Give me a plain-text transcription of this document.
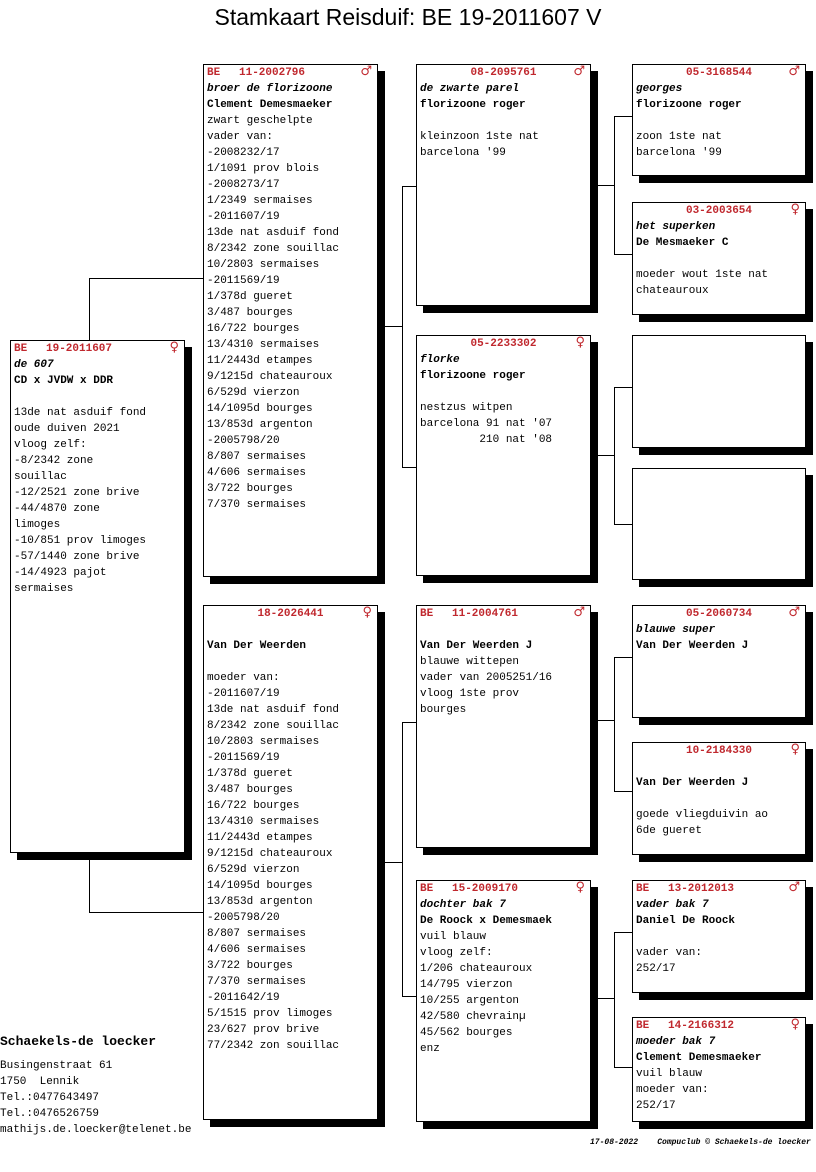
Stamkaart Reisduif: BE 19-2011607 V
BE	19-2011607	♀
de 607
CD x JVDW x DDR
13de nat asduif fond
oude duiven 2021
vloog zelf:
-8/2342 zone
souillac
-12/2521 zone brive
-44/4870 zone
limoges
-10/851 prov limoges
-57/1440 zone brive
-14/4923 pajot
sermaises
BE	11-2002796	♂
broer de florizoone
Clement Demesmaeker
zwart geschelpte
vader van:
-2008232/17
1/1091 prov blois
-2008273/17
1/2349 sermaises
-2011607/19
13de nat asduif fond
8/2342 zone souillac
10/2803 sermaises
-2011569/19
1/378d gueret
3/487 bourges
16/722 bourges
13/4310 sermaises
11/2443d etampes
9/1215d chateauroux
6/529d vierzon
14/1095d bourges
13/853d argenton
-2005798/20
8/807 sermaises
4/606 sermaises
3/722 bourges
7/370 sermaises
18-2026441	♀
Van Der Weerden
moeder van:
-2011607/19
13de nat asduif fond
8/2342 zone souillac
10/2803 sermaises
-2011569/19
1/378d gueret
3/487 bourges
16/722 bourges
13/4310 sermaises
11/2443d etampes
9/1215d chateauroux
6/529d vierzon
14/1095d bourges
13/853d argenton
-2005798/20
8/807 sermaises
4/606 sermaises
3/722 bourges
7/370 sermaises
-2011642/19
5/1515 prov limoges
23/627 prov brive
77/2342 zon souillac
08-2095761	♂
de zwarte parel
florizoone roger
kleinzoon 1ste nat
barcelona '99
05-2233302	♀
florke
florizoone roger
nestzus witpen
barcelona 91 nat '07
210 nat '08
BE	11-2004761	♂
Van Der Weerden J
blauwe wittepen
vader van 2005251/16
vloog 1ste prov
bourges
BE	15-2009170	♀
dochter bak 7
De Roock x Demesmaek
vuil blauw
vloog zelf:
1/206 chateauroux
14/795 vierzon
10/255 argenton
42/580 chevrainµ
45/562 bourges
enz
05-3168544	♂
georges
florizoone roger
zoon 1ste nat
barcelona '99
03-2003654	♀
het superken
De Mesmaeker C
moeder wout 1ste nat
chateauroux
05-2060734	♂
blauwe super
Van Der Weerden J
10-2184330	♀
Van Der Weerden J
goede vliegduivin ao
6de gueret
BE	13-2012013	♂
vader bak 7
Daniel De Roock
vader van:
252/17
BE	14-2166312	♀
moeder bak 7
Clement Demesmaeker
vuil blauw
moeder van:
252/17
Schaekels-de loecker
Busingenstraat 61
1750  Lennik
Tel.:0477643497
Tel.:0476526759
mathijs.de.loecker@telenet.be
17-08-2022    Compuclub © Schaekels-de loecker
